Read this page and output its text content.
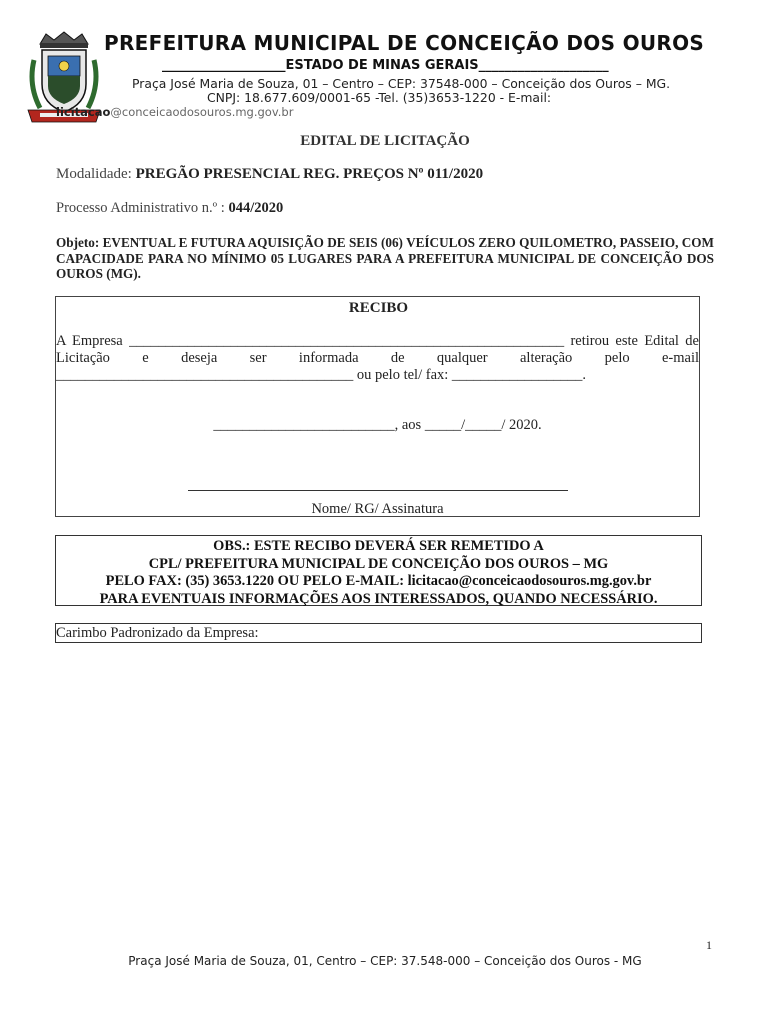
PREFEITURA MUNICIPAL DE CONCEIÇÃO DOS OUROS
___________________ESTADO DE MINAS GERAIS____________________
Praça José Maria de Souza, 01 – Centro – CEP: 37548-000 – Conceição dos Ouros – MG.
CNPJ: 18.677.609/0001-65 -Tel. (35)3653-1220 - E-mail:
licitacao@conceicaodosouros.mg.gov.br
EDITAL DE LICITAÇÃO
Modalidade: PREGÃO PRESENCIAL REG. PREÇOS Nº 011/2020
Processo Administrativo n.º : 044/2020
Objeto: EVENTUAL E FUTURA AQUISIÇÃO DE SEIS (06) VEÍCULOS ZERO QUILOMETRO, PASSEIO, COM CAPACIDADE PARA NO MÍNIMO 05 LUGARES PARA A PREFEITURA MUNICIPAL DE CONCEIÇÃO DOS OUROS (MG).
RECIBO
A Empresa ____________________________________________________________ retirou este Edital de Licitação e deseja ser informada de qualquer alteração pelo e-mail _________________________________________ ou pelo tel/ fax: __________________.
_________________________, aos _____/_____/ 2020.
Nome/ RG/ Assinatura
OBS.: ESTE RECIBO DEVERÁ SER REMETIDO A
CPL/ PREFEITURA MUNICIPAL DE CONCEIÇÃO DOS OUROS – MG
PELO FAX: (35) 3653.1220 OU PELO E-MAIL: licitacao@conceicaodosouros.mg.gov.br
PARA EVENTUAIS INFORMAÇÕES AOS INTERESSADOS, QUANDO NECESSÁRIO.
Carimbo Padronizado da Empresa:
1
Praça José Maria de Souza, 01, Centro – CEP: 37.548-000 – Conceição dos Ouros - MG
